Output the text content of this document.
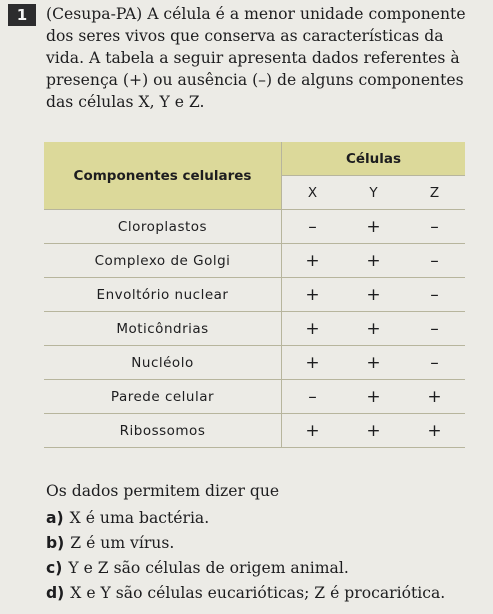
1	(Cesupa-PA) A célula é a menor unidade componente dos seres vivos que conserva as características da vida. A tabela a seguir apresenta dados referentes à presença (+) ou ausência (–) de alguns componentes das células X, Y e Z.

Componentes celulares	Células		
	X	Y	Z
Cloroplastos	–	+	–
Complexo de Golgi	+	+	–
Envoltório nuclear	+	+	–
Moticôndrias	+	+	–
Nucléolo	+	+	–
Parede celular	–	+	+
Ribossomos	+	+	+

Os dados permitem dizer que

a) X é uma bactéria.
b) Z é um vírus.
c) Y e Z são células de origem animal.
d) X e Y são células eucarióticas; Z é procariótica.
